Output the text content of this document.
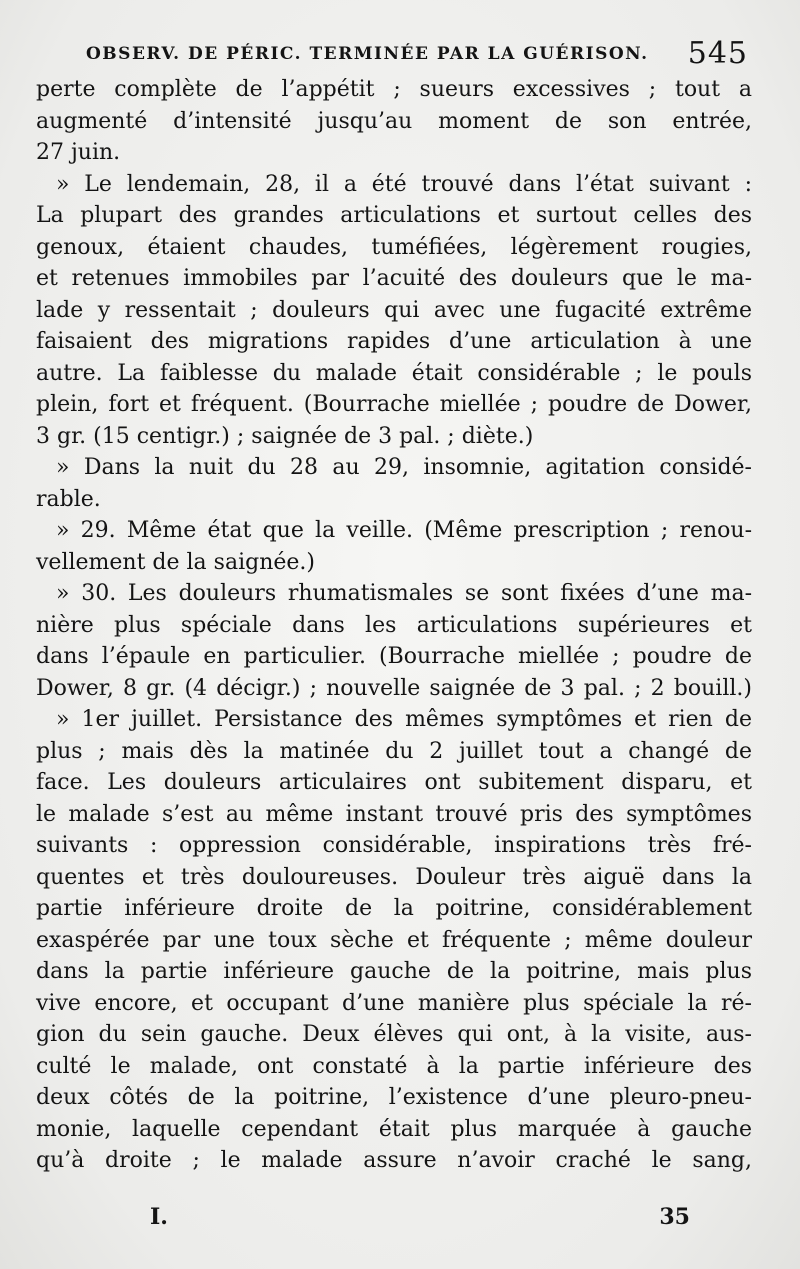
OBSERV. DE PÉRIC. TERMINÉE PAR LA GUÉRISON. 545
perte complète de l’appétit ; sueurs excessives ; tout a
augmenté d’intensité jusqu’au moment de son entrée,
27 juin.
» Le lendemain, 28, il a été trouvé dans l’état suivant :
La plupart des grandes articulations et surtout celles des
genoux, étaient chaudes, tuméfiées, légèrement rougies,
et retenues immobiles par l’acuité des douleurs que le ma-
lade y ressentait ; douleurs qui avec une fugacité extrême
faisaient des migrations rapides d’une articulation à une
autre. La faiblesse du malade était considérable ; le pouls
plein, fort et fréquent. (Bourrache miellée ; poudre de Dower,
3 gr. (15 centigr.) ; saignée de 3 pal. ; diète.)
» Dans la nuit du 28 au 29, insomnie, agitation considé-
rable.
» 29. Même état que la veille. (Même prescription ; renou-
vellement de la saignée.)
» 30. Les douleurs rhumatismales se sont fixées d’une ma-
nière plus spéciale dans les articulations supérieures et
dans l’épaule en particulier. (Bourrache miellée ; poudre de
Dower, 8 gr. (4 décigr.) ; nouvelle saignée de 3 pal. ; 2 bouill.)
» 1er juillet. Persistance des mêmes symptômes et rien de
plus ; mais dès la matinée du 2 juillet tout a changé de
face. Les douleurs articulaires ont subitement disparu, et
le malade s’est au même instant trouvé pris des symptômes
suivants : oppression considérable, inspirations très fré-
quentes et très douloureuses. Douleur très aiguë dans la
partie inférieure droite de la poitrine, considérablement
exaspérée par une toux sèche et fréquente ; même douleur
dans la partie inférieure gauche de la poitrine, mais plus
vive encore, et occupant d’une manière plus spéciale la ré-
gion du sein gauche. Deux élèves qui ont, à la visite, aus-
culté le malade, ont constaté à la partie inférieure des
deux côtés de la poitrine, l’existence d’une pleuro-pneu-
monie, laquelle cependant était plus marquée à gauche
qu’à droite ; le malade assure n’avoir craché le sang,
I.	35
